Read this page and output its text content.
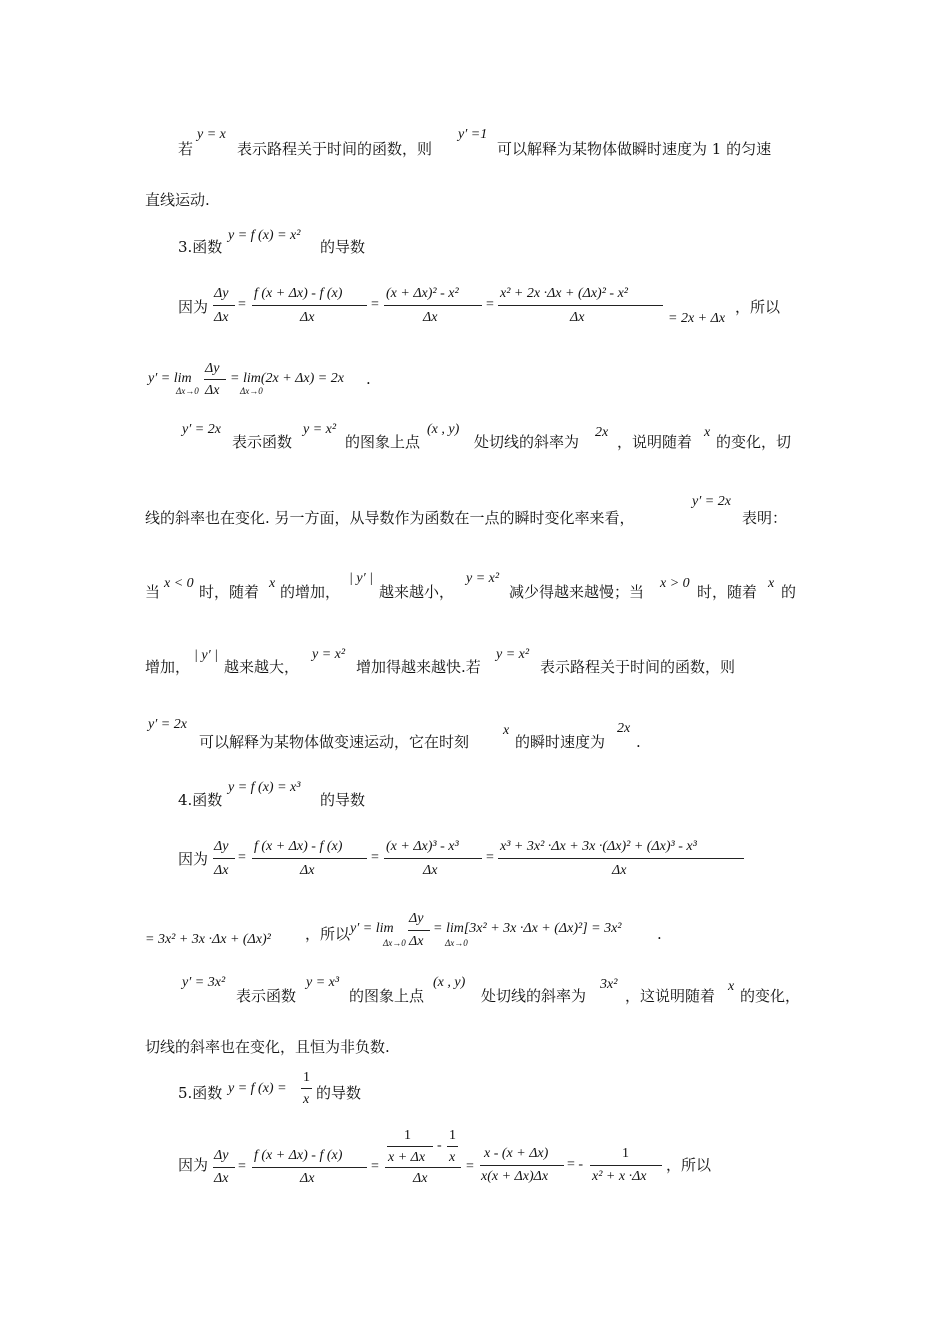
若
y = x
表示路程关于时间的函数，则
y′ =1
可以解释为某物体做瞬时速度为 1 的匀速
直线运动.
3.函数
y = f (x) = x²
的导数
因为
Δy
Δx
=
f (x + Δx) - f (x)
Δx
=
(x + Δx)² - x²
Δx
=
x² + 2x ·Δx + (Δx)² - x²
Δx	= 2x + Δx
，所以
y′ = lim
Δx→0
Δy
Δx
= lim(2x + Δx) = 2x
Δx→0
.
y′ = 2x
表示函数
y = x²
的图象上点
(x , y)
处切线的斜率为
2x
，说明随着
x
的变化，切
线的斜率也在变化. 另一方面，从导数作为函数在一点的瞬时变化率来看，
y′ = 2x
表明：
当 x < 0 时，随着 x 的增加，
| y′ |
越来越小，
y = x²
减少得越来越慢；当 x > 0 时，随着 x 的
增加，
| y′ |
越来越大，
y = x²
增加得越来越快.若
y = x²
表示路程关于时间的函数，则
y′ = 2x
可以解释为某物体做变速运动，它在时刻
x
的瞬时速度为
2x
.
4.函数
y = f (x) = x³
的导数
因为
Δy
Δx
=
f (x + Δx) - f (x)
Δx
=
(x + Δx)³ - x³
Δx
=
x³ + 3x² ·Δx + 3x ·(Δx)² + (Δx)³ - x³
Δx
= 3x² + 3x ·Δx + (Δx)² ，所以 y′ = lim
Δx→0
Δy
Δx
= lim[3x² + 3x ·Δx + (Δx)²] = 3x²
Δx→0	.
y′ = 3x²
表示函数
y = x³
的图象上点
(x , y)
处切线的斜率为
3x²
，这说明随着
x
的变化，
切线的斜率也在变化，且恒为非负数.
5.函数 y = f (x) =
1
x 的导数
因为
Δy
Δx
=
f (x + Δx) - f (x)
Δx
=
1
x + Δx
-
1
x
Δx
=
x - (x + Δx)
x(x + Δx)Δx
= -
1
x² + x ·Δx
，所以
